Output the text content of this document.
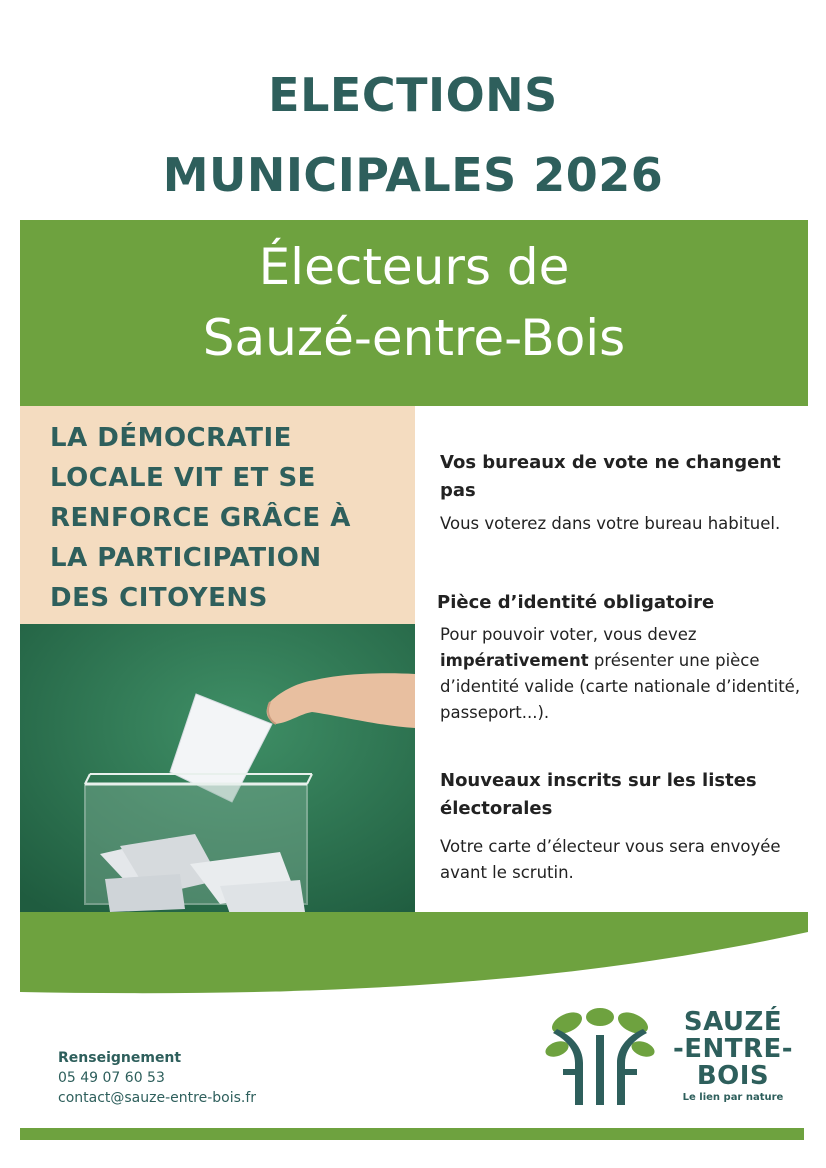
ELECTIONS
MUNICIPALES 2026
Électeurs de
Sauzé-entre-Bois

LA DÉMOCRATIE
LOCALE VIT ET SE
RENFORCE GRÂCE À
LA PARTICIPATION
DES CITOYENS

Vos bureaux de vote ne changent pas
Vous voterez dans votre bureau habituel.
Pièce d’identité obligatoire
Pour pouvoir voter, vous devez impérativement présenter une pièce d’identité valide (carte nationale d’identité, passeport...).
Nouveaux inscrits sur les listes électorales
Votre carte d’électeur vous sera envoyée avant le scrutin.
Renseignement
05 49 07 60 53
contact@sauze-entre-bois.fr
SAUZÉ
-ENTRE-
BOIS
Le lien par nature
